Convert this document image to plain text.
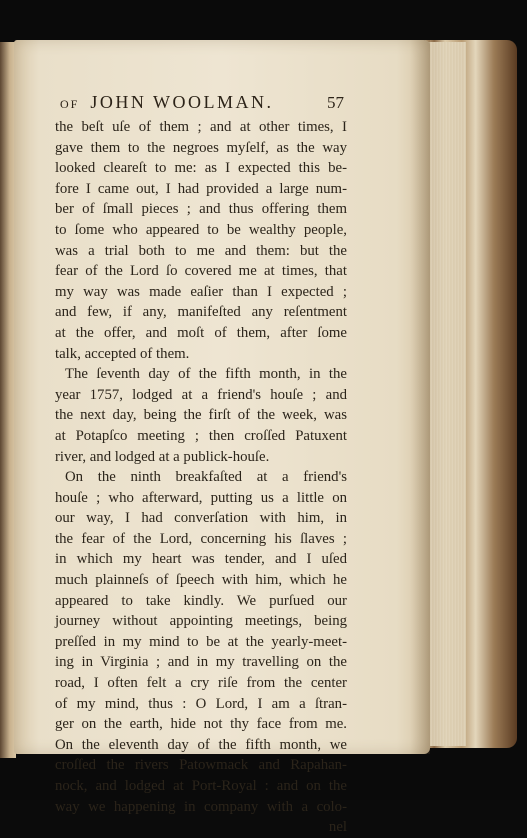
OF JOHN WOOLMAN.	57
the beſt uſe of them ; and at other times, I
gave them to the negroes myſelf, as the way
looked cleareſt to me: as I expected this be-
fore I came out, I had provided a large num-
ber of ſmall pieces ; and thus offering them
to ſome who appeared to be wealthy people,
was a trial both to me and them: but the
fear of the Lord ſo covered me at times, that
my way was made eaſier than I expected ;
and few, if any, manifeſted any reſentment
at the offer, and moſt of them, after ſome
talk, accepted of them.
The ſeventh day of the fifth month, in the
year 1757, lodged at a friend's houſe ; and
the next day, being the firſt of the week, was
at Potapſco meeting ; then croſſed Patuxent
river, and lodged at a publick-houſe.
On the ninth breakfaſted at a friend's
houſe ; who afterward, putting us a little on
our way, I had converſation with him, in
the fear of the Lord, concerning his ſlaves ;
in which my heart was tender, and I uſed
much plainneſs of ſpeech with him, which he
appeared to take kindly. We purſued our
journey without appointing meetings, being
preſſed in my mind to be at the yearly-meet-
ing in Virginia ; and in my travelling on the
road, I often felt a cry riſe from the center
of my mind, thus : O Lord, I am a ſtran-
ger on the earth, hide not thy face from me.
On the eleventh day of the fifth month, we
croſſed the rivers Patowmack and Rapahan-
nock, and lodged at Port-Royal : and on the
way we happening in company with a colo-
nel
